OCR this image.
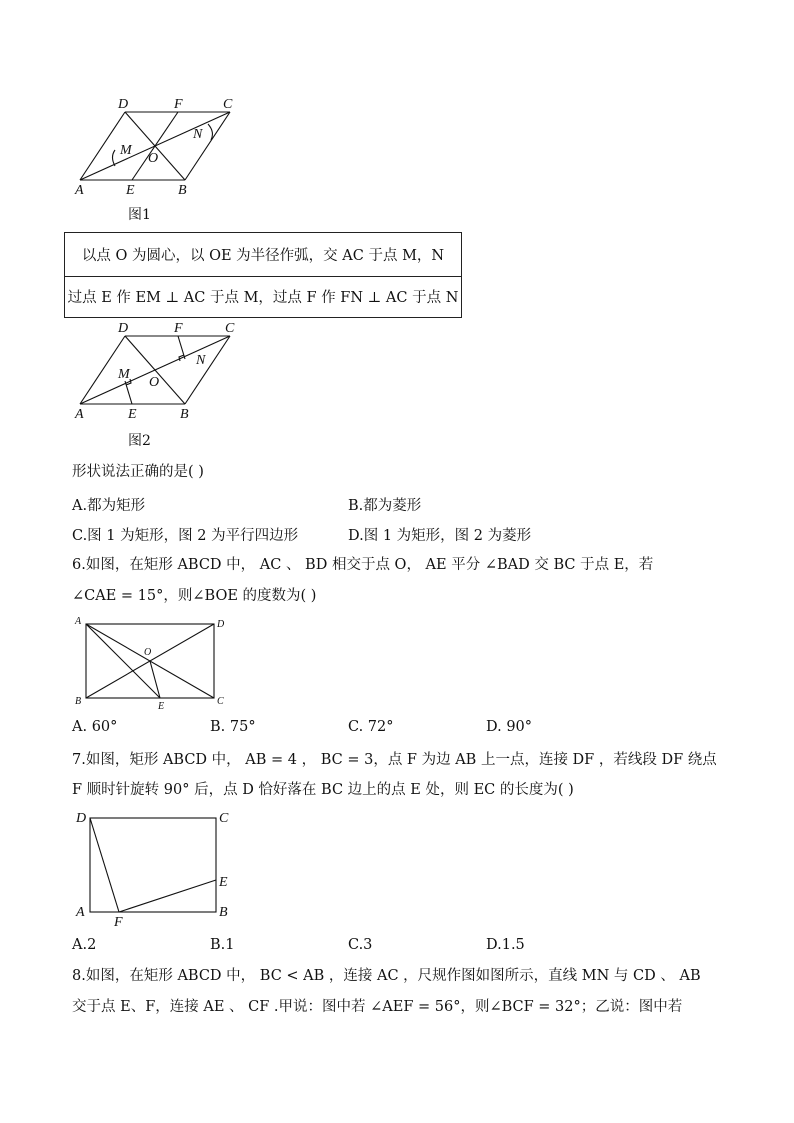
D	F	C
M
N
O
A	E	B
图1
以点 O 为圆心，以 OE 为半径作弧，交 AC 于点 M，N
过点 E 作 EM ⊥ AC 于点 M，过点 F 作 FN ⊥ AC 于点 N
D	F	C
M
N
O
A	E	B
图2
形状说法正确的是( )
A.都为矩形	B.都为菱形
C.图 1 为矩形，图 2 为平行四边形	D.图 1 为矩形，图 2 为菱形
6.如图，在矩形 ABCD 中， AC 、 BD 相交于点 O， AE 平分 ∠BAD 交 BC 于点 E，若
∠CAE = 15°，则∠BOE 的度数为( )
A	D
O
B	E	C
A. 60°	B. 75°	C. 72°	D. 90°
7.如图，矩形 ABCD 中， AB = 4 ， BC = 3，点 F 为边 AB 上一点，连接 DF ，若线段 DF 绕点
F 顺时针旋转 90° 后，点 D 恰好落在 BC 边上的点 E 处，则 EC 的长度为( )
D	C
E
A
F
B
A.2	B.1	C.3	D.1.5
8.如图，在矩形 ABCD 中， BC < AB ，连接 AC ，尺规作图如图所示，直线 MN 与 CD 、 AB
交于点 E、F，连接 AE 、 CF .甲说：图中若 ∠AEF = 56°，则∠BCF = 32°；乙说：图中若
